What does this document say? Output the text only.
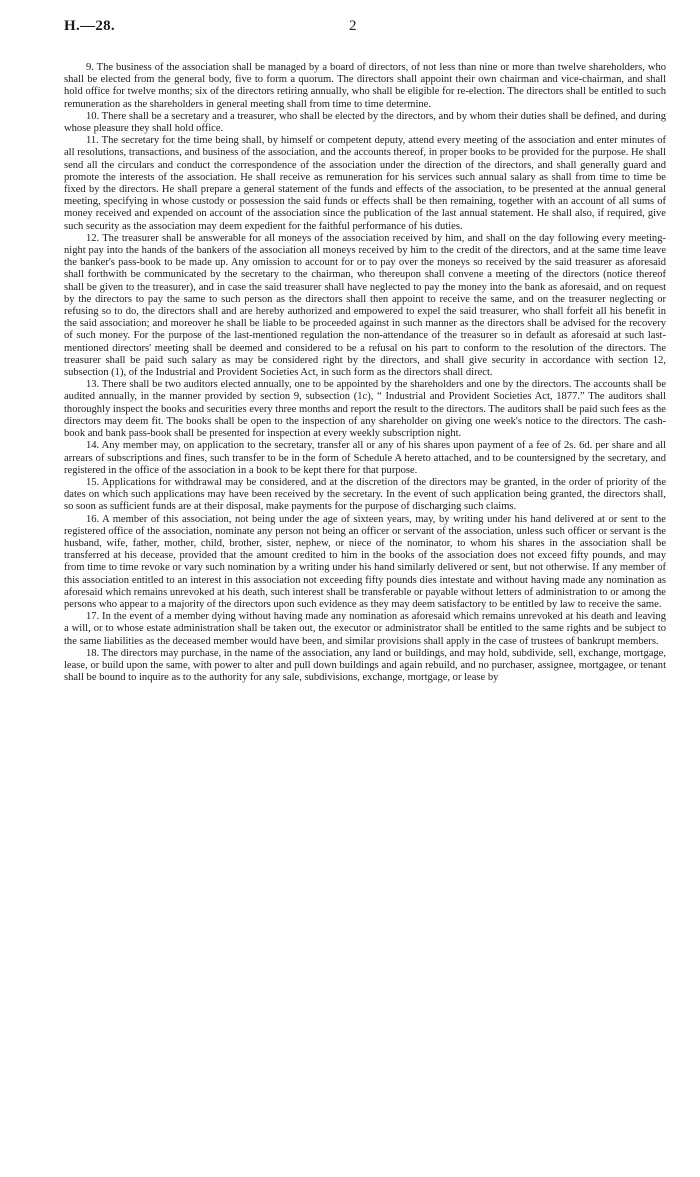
H.—28.	2

9. The business of the association shall be managed by a board of directors, of not less than nine or more than twelve shareholders, who shall be elected from the general body, five to form a quorum. The directors shall appoint their own chairman and vice-chairman, and shall hold office for twelve months; six of the directors retiring annually, who shall be eligible for re-election. The directors shall be entitled to such remuneration as the shareholders in general meeting shall from time to time determine.

10. There shall be a secretary and a treasurer, who shall be elected by the directors, and by whom their duties shall be defined, and during whose pleasure they shall hold office.

11. The secretary for the time being shall, by himself or competent deputy, attend every meeting of the association and enter minutes of all resolutions, transactions, and business of the association, and the accounts thereof, in proper books to be provided for the purpose. He shall send all the circulars and conduct the correspondence of the association under the direction of the directors, and shall generally guard and promote the interests of the association. He shall receive as remuneration for his services such annual salary as shall from time to time be fixed by the directors. He shall prepare a general statement of the funds and effects of the association, to be presented at the annual general meeting, specifying in whose custody or possession the said funds or effects shall be then remaining, together with an account of all sums of money received and expended on account of the association since the publication of the last annual statement. He shall also, if required, give such security as the association may deem expedient for the faithful performance of his duties.

12. The treasurer shall be answerable for all moneys of the association received by him, and shall on the day following every meeting-night pay into the hands of the bankers of the association all moneys received by him to the credit of the directors, and at the same time leave the banker's pass-book to be made up. Any omission to account for or to pay over the moneys so received by the said treasurer as aforesaid shall forthwith be communicated by the secretary to the chairman, who thereupon shall convene a meeting of the directors (notice thereof shall be given to the treasurer), and in case the said treasurer shall have neglected to pay the money into the bank as aforesaid, and on request by the directors to pay the same to such person as the directors shall then appoint to receive the same, and on the treasurer neglecting or refusing so to do, the directors shall and are hereby authorized and empowered to expel the said treasurer, who shall forfeit all his benefit in the said association; and moreover he shall be liable to be proceeded against in such manner as the directors shall be advised for the recovery of such money. For the purpose of the last-mentioned regulation the non-attendance of the treasurer so in default as aforesaid at such last-mentioned directors' meeting shall be deemed and considered to be a refusal on his part to conform to the resolution of the directors. The treasurer shall be paid such salary as may be considered right by the directors, and shall give security in accordance with section 12, subsection (1), of the Industrial and Provident Societies Act, in such form as the directors shall direct.

13. There shall be two auditors elected annually, one to be appointed by the shareholders and one by the directors. The accounts shall be audited annually, in the manner provided by section 9, subsection (1c), “ Industrial and Provident Societies Act, 1877.” The auditors shall thoroughly inspect the books and securities every three months and report the result to the directors. The auditors shall be paid such fees as the directors may deem fit. The books shall be open to the inspection of any shareholder on giving one week's notice to the directors. The cash-book and bank pass-book shall be presented for inspection at every weekly subscription night.

14. Any member may, on application to the secretary, transfer all or any of his shares upon payment of a fee of 2s. 6d. per share and all arrears of subscriptions and fines, such transfer to be in the form of Schedule A hereto attached, and to be countersigned by the secretary, and registered in the office of the association in a book to be kept there for that purpose.

15. Applications for withdrawal may be considered, and at the discretion of the directors may be granted, in the order of priority of the dates on which such applications may have been received by the secretary. In the event of such application being granted, the directors shall, so soon as sufficient funds are at their disposal, make payments for the purpose of discharging such claims.

16. A member of this association, not being under the age of sixteen years, may, by writing under his hand delivered at or sent to the registered office of the association, nominate any person not being an officer or servant of the association, unless such officer or servant is the husband, wife, father, mother, child, brother, sister, nephew, or niece of the nominator, to whom his shares in the association shall be transferred at his decease, provided that the amount credited to him in the books of the association does not exceed fifty pounds, and may from time to time revoke or vary such nomination by a writing under his hand similarly delivered or sent, but not otherwise. If any member of this association entitled to an interest in this association not exceeding fifty pounds dies intestate and without having made any nomination as aforesaid which remains unrevoked at his death, such interest shall be transferable or payable without letters of administration to or among the persons who appear to a majority of the directors upon such evidence as they may deem satisfactory to be entitled by law to receive the same.

17. In the event of a member dying without having made any nomination as aforesaid which remains unrevoked at his death and leaving a will, or to whose estate administration shall be taken out, the executor or administrator shall be entitled to the same rights and be subject to the same liabilities as the deceased member would have been, and similar provisions shall apply in the case of trustees of bankrupt members.

18. The directors may purchase, in the name of the association, any land or buildings, and may hold, subdivide, sell, exchange, mortgage, lease, or build upon the same, with power to alter and pull down buildings and again rebuild, and no purchaser, assignee, mortgagee, or tenant shall be bound to inquire as to the authority for any sale, subdivisions, exchange, mortgage, or lease by
